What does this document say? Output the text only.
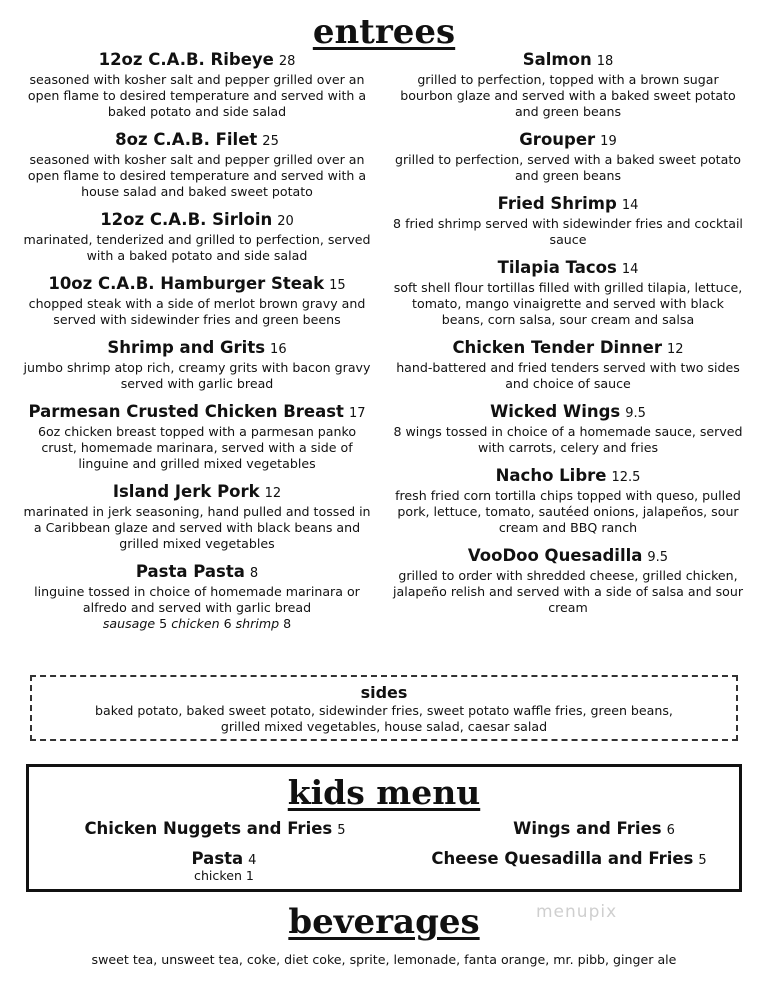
entrees
12oz C.A.B. Ribeye 28
seasoned with kosher salt and pepper grilled over an open flame to desired temperature and served with a baked potato and side salad
8oz C.A.B. Filet 25
seasoned with kosher salt and pepper grilled over an open flame to desired temperature and served with a house salad and baked sweet potato
12oz C.A.B. Sirloin 20
marinated, tenderized and grilled to perfection, served with a baked potato and side salad
10oz C.A.B. Hamburger Steak 15
chopped steak with a side of merlot brown gravy and served with sidewinder fries and green beens
Shrimp and Grits 16
jumbo shrimp atop rich, creamy grits with bacon gravy served with garlic bread
Parmesan Crusted Chicken Breast 17
6oz chicken breast topped with a parmesan panko crust, homemade marinara, served with a side of linguine and grilled mixed vegetables
Island Jerk Pork 12
marinated in jerk seasoning, hand pulled and tossed in a Caribbean glaze and served with black beans and grilled mixed vegetables
Pasta Pasta 8
linguine tossed in choice of homemade marinara or alfredo and served with garlic bread
sausage 5 chicken 6 shrimp 8
Salmon 18
grilled to perfection, topped with a brown sugar bourbon glaze and served with a baked sweet potato and green beans
Grouper 19
grilled to perfection, served with a baked sweet potato and green beans
Fried Shrimp 14
8 fried shrimp served with sidewinder fries and cocktail sauce
Tilapia Tacos 14
soft shell flour tortillas filled with grilled tilapia, lettuce, tomato, mango vinaigrette and served with black beans, corn salsa, sour cream and salsa
Chicken Tender Dinner 12
hand-battered and fried tenders served with two sides and choice of sauce
Wicked Wings 9.5
8 wings tossed in choice of a homemade sauce, served with carrots, celery and fries
Nacho Libre 12.5
fresh fried corn tortilla chips topped with queso, pulled pork, lettuce, tomato, sautéed onions, jalapeños, sour cream and BBQ ranch
VooDoo Quesadilla 9.5
grilled to order with shredded cheese, grilled chicken, jalapeño relish and served with a side of salsa and sour cream
sides
baked potato, baked sweet potato, sidewinder fries, sweet potato waffle fries, green beans,
grilled mixed vegetables, house salad, caesar salad
kids menu
Chicken Nuggets and Fries 5	Wings and Fries 6
Pasta 4
chicken 1
Cheese Quesadilla and Fries 5
menupix
beverages
sweet tea, unsweet tea, coke, diet coke, sprite, lemonade, fanta orange, mr. pibb, ginger ale
